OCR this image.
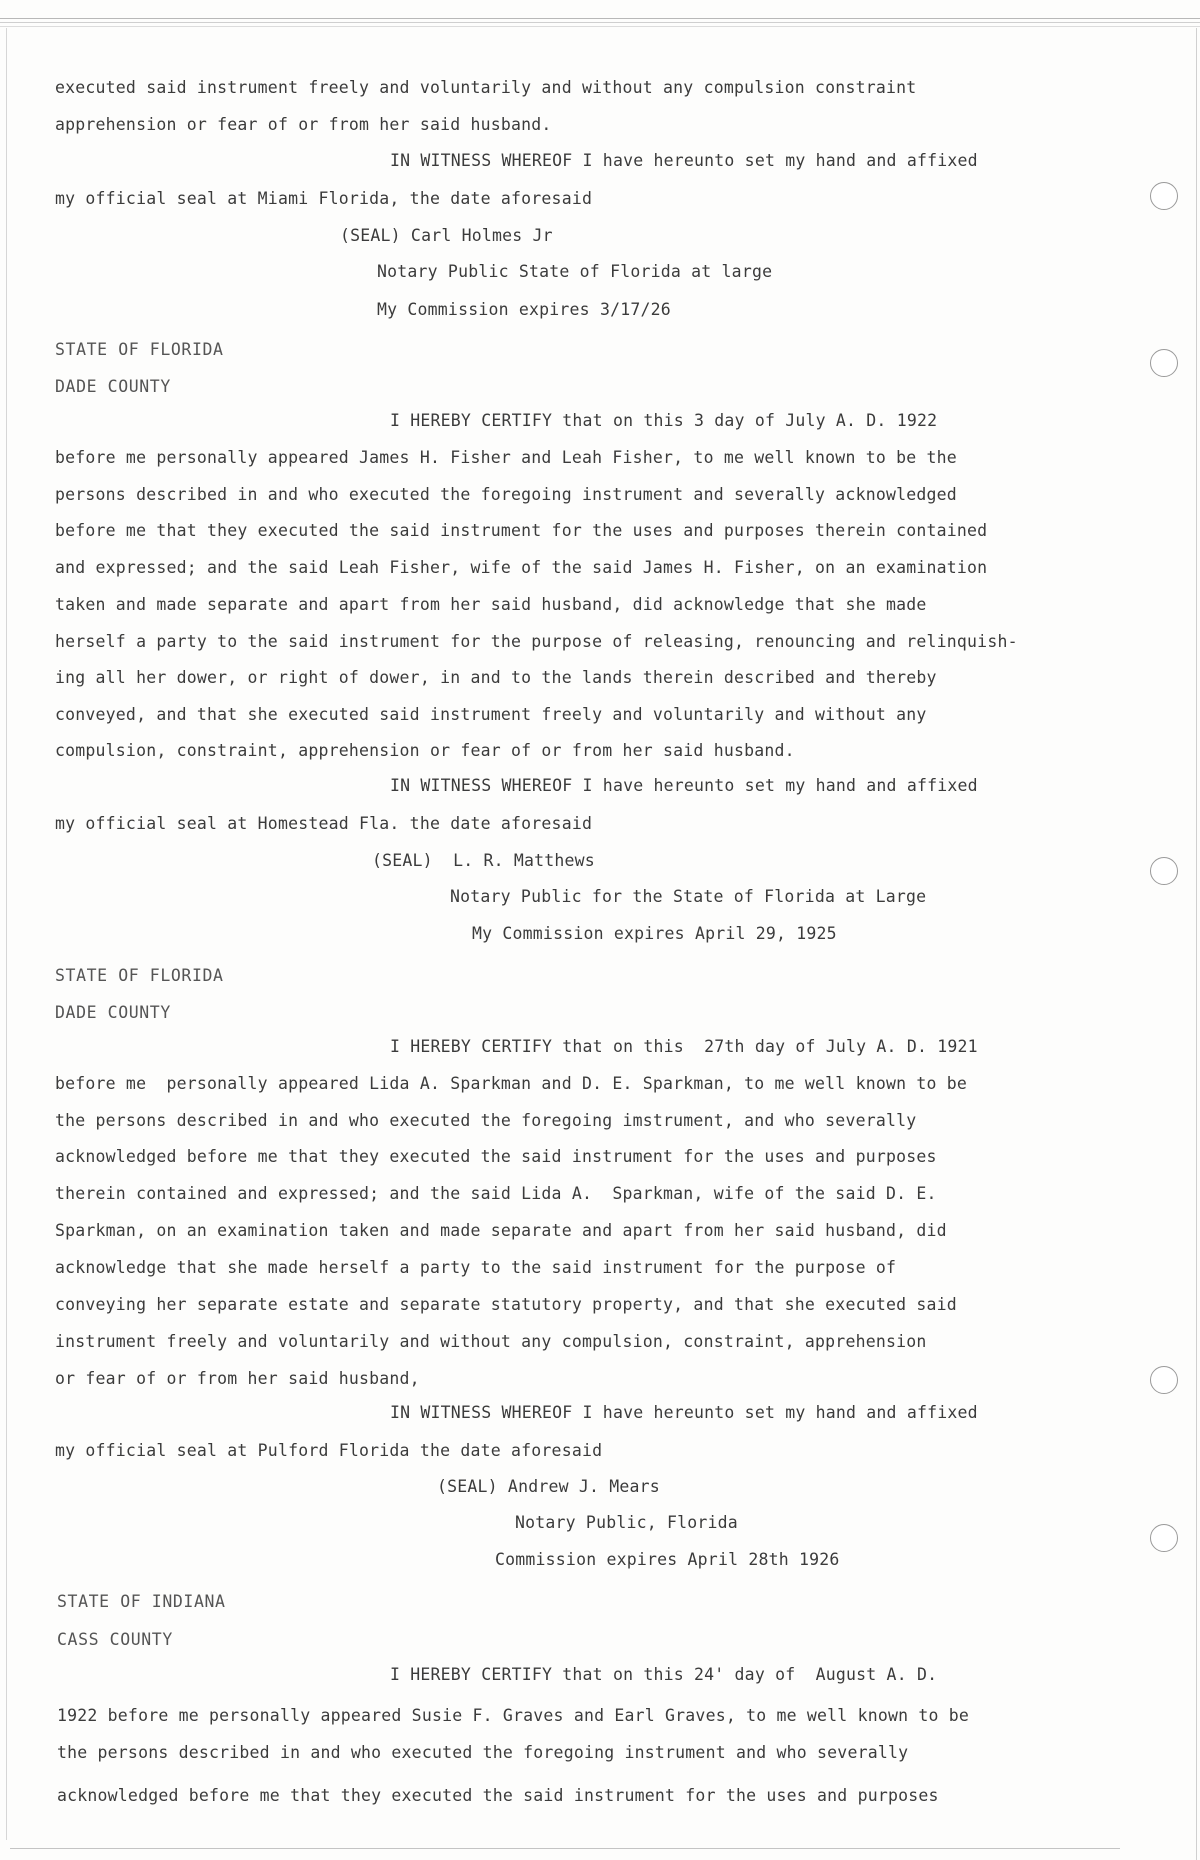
executed said instrument freely and voluntarily and without any compulsion constraint
apprehension or fear of or from her said husband.
IN WITNESS WHEREOF I have hereunto set my hand and affixed
my official seal at Miami Florida, the date aforesaid
(SEAL) Carl Holmes Jr
Notary Public State of Florida at large
My Commission expires 3/17/26
STATE OF FLORIDA
DADE COUNTY
I HEREBY CERTIFY that on this 3 day of July A. D. 1922
before me personally appeared James H. Fisher and Leah Fisher, to me well known to be the
persons described in and who executed the foregoing instrument and severally acknowledged
before me that they executed the said instrument for the uses and purposes therein contained
and expressed; and the said Leah Fisher, wife of the said James H. Fisher, on an examination
taken and made separate and apart from her said husband, did acknowledge that she made
herself a party to the said instrument for the purpose of releasing, renouncing and relinquish-
ing all her dower, or right of dower, in and to the lands therein described and thereby
conveyed, and that she executed said instrument freely and voluntarily and without any
compulsion, constraint, apprehension or fear of or from her said husband.
IN WITNESS WHEREOF I have hereunto set my hand and affixed
my official seal at Homestead Fla. the date aforesaid
(SEAL)  L. R. Matthews
Notary Public for the State of Florida at Large
My Commission expires April 29, 1925
STATE OF FLORIDA
DADE COUNTY
I HEREBY CERTIFY that on this  27th day of July A. D. 1921
before me  personally appeared Lida A. Sparkman and D. E. Sparkman, to me well known to be
the persons described in and who executed the foregoing imstrument, and who severally
acknowledged before me that they executed the said instrument for the uses and purposes
therein contained and expressed; and the said Lida A.  Sparkman, wife of the said D. E.
Sparkman, on an examination taken and made separate and apart from her said husband, did
acknowledge that she made herself a party to the said instrument for the purpose of
conveying her separate estate and separate statutory property, and that she executed said
instrument freely and voluntarily and without any compulsion, constraint, apprehension
or fear of or from her said husband,
IN WITNESS WHEREOF I have hereunto set my hand and affixed
my official seal at Pulford Florida the date aforesaid
(SEAL) Andrew J. Mears
Notary Public, Florida
Commission expires April 28th 1926
STATE OF INDIANA
CASS COUNTY
I HEREBY CERTIFY that on this 24' day of  August A. D.
1922 before me personally appeared Susie F. Graves and Earl Graves, to me well known to be
the persons described in and who executed the foregoing instrument and who severally
acknowledged before me that they executed the said instrument for the uses and purposes
